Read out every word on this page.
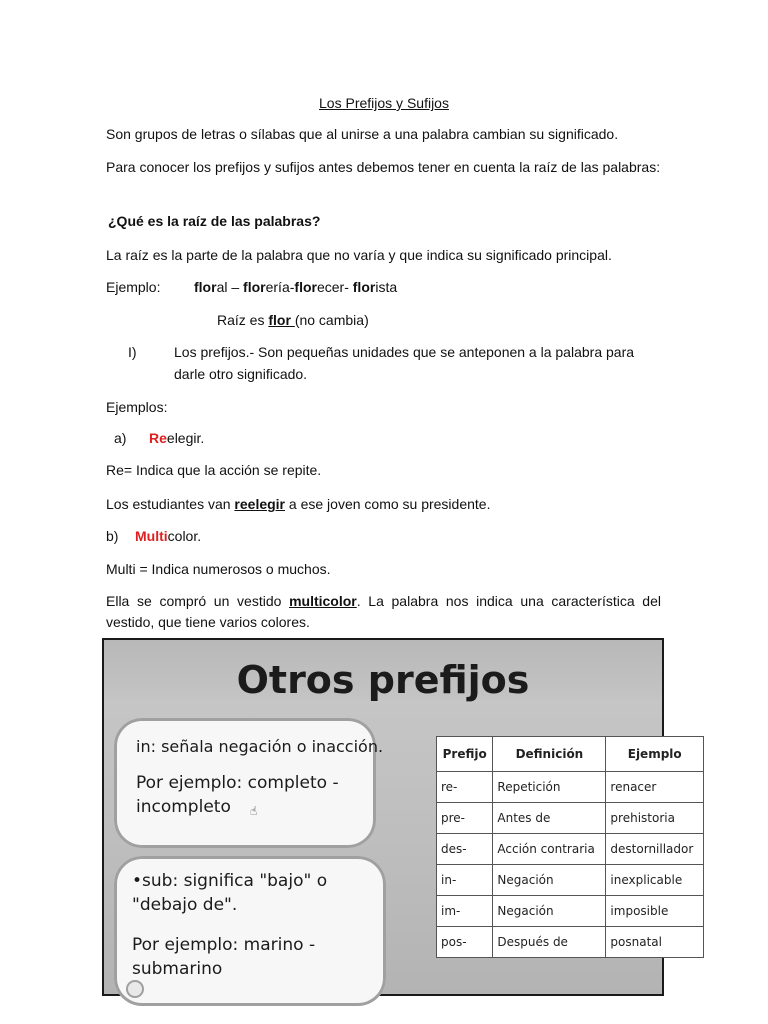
Los Prefijos y Sufijos
Son grupos de letras o sílabas que al unirse a una palabra cambian su significado.
Para conocer los prefijos y sufijos antes debemos tener en cuenta la raíz de las palabras:
¿Qué es la raíz de las palabras?
La raíz es la parte de la palabra que no varía y que indica su significado principal.
Ejemplo: floral – florería-florecer- florista
Raíz es flor (no cambia)
I)	Los prefijos.- Son pequeñas unidades que se anteponen a la palabra para
darle otro significado.
Ejemplos:
a) Reelegir.
Re= Indica que la acción se repite.
Los estudiantes van reelegir a ese joven como su presidente.
b) Multicolor.
Multi = Indica numerosos o muchos.
Ella se compró un vestido multicolor. La palabra nos indica una característica del
vestido, que tiene varios colores.
Otros prefijos
in: señala negación o inacción.
Por ejemplo: completo -
incompleto ☝
•sub: significa "bajo" o
"debajo de".
Por ejemplo: marino -
submarino
Prefijo	Definición	Ejemplo
re-	Repetición	renacer
pre-	Antes de	prehistoria
des-	Acción contraria	destornillador
in-	Negación	inexplicable
im-	Negación	imposible
pos-	Después de	posnatal
